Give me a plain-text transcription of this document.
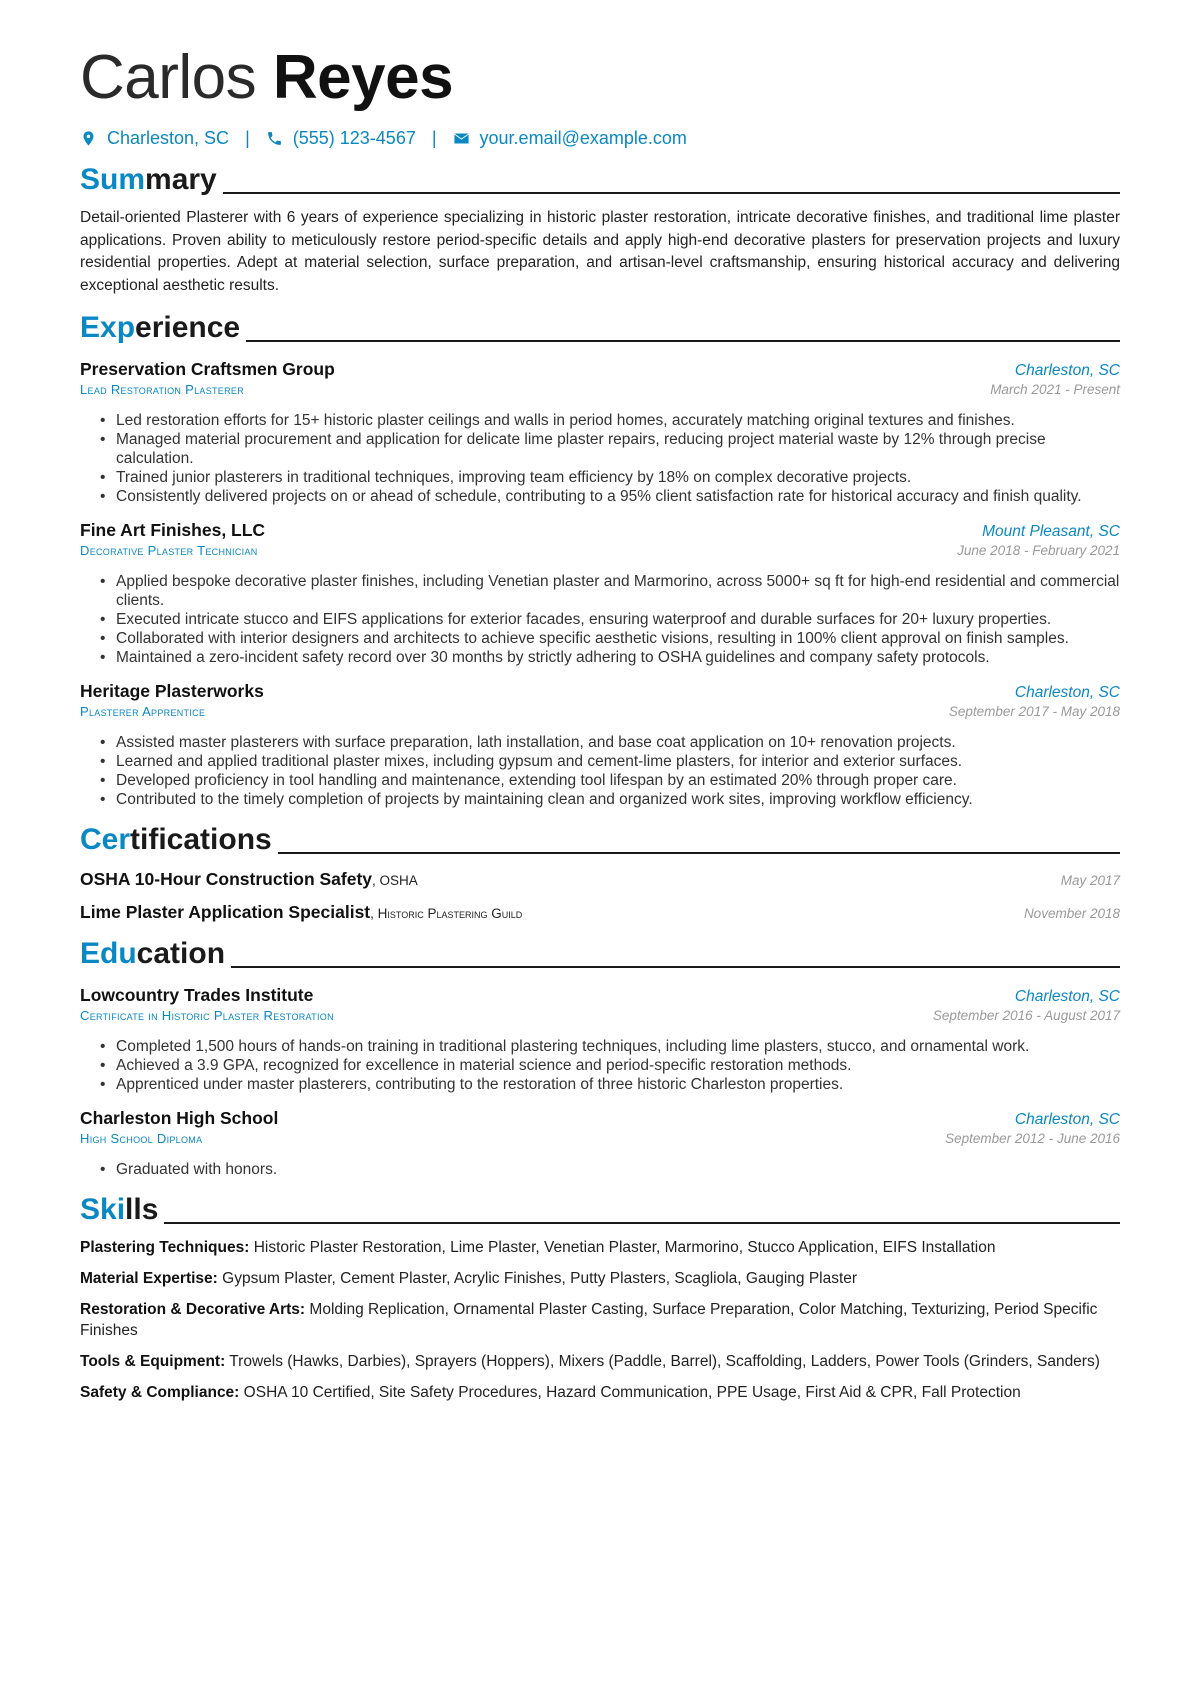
Carlos Reyes
Charleston, SC | (555) 123-4567 | your.email@example.com
Summary
Detail-oriented Plasterer with 6 years of experience specializing in historic plaster restoration, intricate decorative finishes, and traditional lime plaster applications. Proven ability to meticulously restore period-specific details and apply high-end decorative plasters for preservation projects and luxury residential properties. Adept at material selection, surface preparation, and artisan-level craftsmanship, ensuring historical accuracy and delivering exceptional aesthetic results.
Experience
Preservation Craftsmen Group	Charleston, SC
Lead Restoration Plasterer	March 2021 - Present
• Led restoration efforts for 15+ historic plaster ceilings and walls in period homes, accurately matching original textures and finishes.
• Managed material procurement and application for delicate lime plaster repairs, reducing project material waste by 12% through precise calculation.
• Trained junior plasterers in traditional techniques, improving team efficiency by 18% on complex decorative projects.
• Consistently delivered projects on or ahead of schedule, contributing to a 95% client satisfaction rate for historical accuracy and finish quality.
Fine Art Finishes, LLC	Mount Pleasant, SC
Decorative Plaster Technician	June 2018 - February 2021
• Applied bespoke decorative plaster finishes, including Venetian plaster and Marmorino, across 5000+ sq ft for high-end residential and commercial clients.
• Executed intricate stucco and EIFS applications for exterior facades, ensuring waterproof and durable surfaces for 20+ luxury properties.
• Collaborated with interior designers and architects to achieve specific aesthetic visions, resulting in 100% client approval on finish samples.
• Maintained a zero-incident safety record over 30 months by strictly adhering to OSHA guidelines and company safety protocols.
Heritage Plasterworks	Charleston, SC
Plasterer Apprentice	September 2017 - May 2018
• Assisted master plasterers with surface preparation, lath installation, and base coat application on 10+ renovation projects.
• Learned and applied traditional plaster mixes, including gypsum and cement-lime plasters, for interior and exterior surfaces.
• Developed proficiency in tool handling and maintenance, extending tool lifespan by an estimated 20% through proper care.
• Contributed to the timely completion of projects by maintaining clean and organized work sites, improving workflow efficiency.
Certifications
OSHA 10-Hour Construction Safety, OSHA	May 2017
Lime Plaster Application Specialist, Historic Plastering Guild	November 2018
Education
Lowcountry Trades Institute	Charleston, SC
Certificate in Historic Plaster Restoration	September 2016 - August 2017
• Completed 1,500 hours of hands-on training in traditional plastering techniques, including lime plasters, stucco, and ornamental work.
• Achieved a 3.9 GPA, recognized for excellence in material science and period-specific restoration methods.
• Apprenticed under master plasterers, contributing to the restoration of three historic Charleston properties.
Charleston High School	Charleston, SC
High School Diploma	September 2012 - June 2016
• Graduated with honors.
Skills
Plastering Techniques: Historic Plaster Restoration, Lime Plaster, Venetian Plaster, Marmorino, Stucco Application, EIFS Installation
Material Expertise: Gypsum Plaster, Cement Plaster, Acrylic Finishes, Putty Plasters, Scagliola, Gauging Plaster
Restoration & Decorative Arts: Molding Replication, Ornamental Plaster Casting, Surface Preparation, Color Matching, Texturizing, Period Specific Finishes
Tools & Equipment: Trowels (Hawks, Darbies), Sprayers (Hoppers), Mixers (Paddle, Barrel), Scaffolding, Ladders, Power Tools (Grinders, Sanders)
Safety & Compliance: OSHA 10 Certified, Site Safety Procedures, Hazard Communication, PPE Usage, First Aid & CPR, Fall Protection
